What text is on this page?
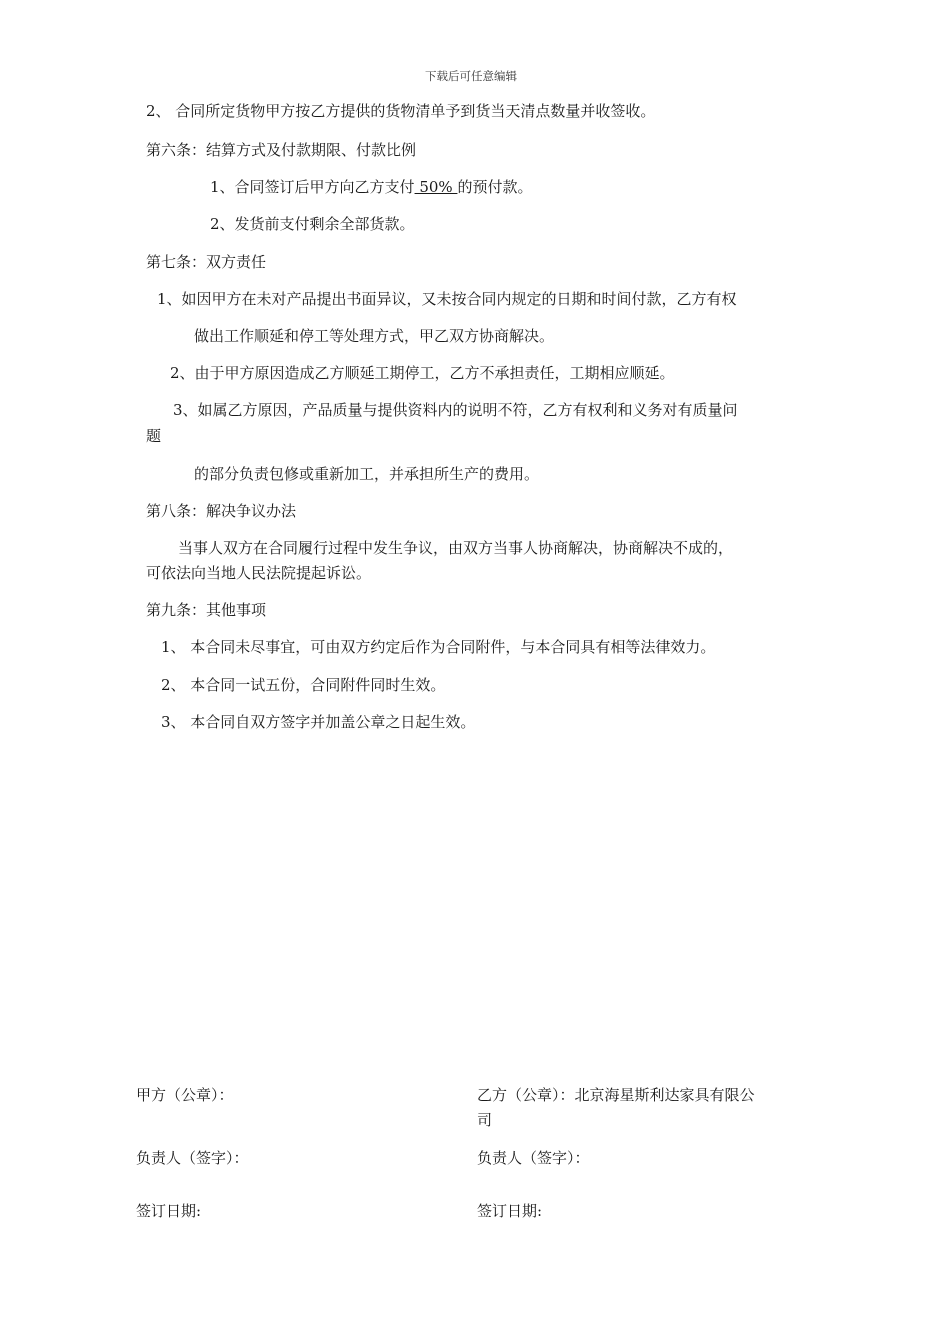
下载后可任意编辑
2、 合同所定货物甲方按乙方提供的货物清单予到货当天清点数量并收签收。
第六条：结算方式及付款期限、付款比例
1、合同签订后甲方向乙方支付 50% 的预付款。
2、发货前支付剩余全部货款。
第七条：双方责任
1、如因甲方在未对产品提出书面异议，又未按合同内规定的日期和时间付款，乙方有权
做出工作顺延和停工等处理方式，甲乙双方协商解决。
2、由于甲方原因造成乙方顺延工期停工，乙方不承担责任，工期相应顺延。
3、如属乙方原因，产品质量与提供资料内的说明不符，乙方有权利和义务对有质量问
题
的部分负责包修或重新加工，并承担所生产的费用。
第八条：解决争议办法
当事人双方在合同履行过程中发生争议，由双方当事人协商解决，协商解决不成的，
可依法向当地人民法院提起诉讼。
第九条：其他事项
1、 本合同未尽事宜，可由双方约定后作为合同附件，与本合同具有相等法律效力。
2、 本合同一试五份，合同附件同时生效。
3、 本合同自双方签字并加盖公章之日起生效。
甲方（公章）：	乙方（公章）：北京海星斯利达家具有限公
司
负责人（签字）：	负责人（签字）：
签订日期:	签订日期:
